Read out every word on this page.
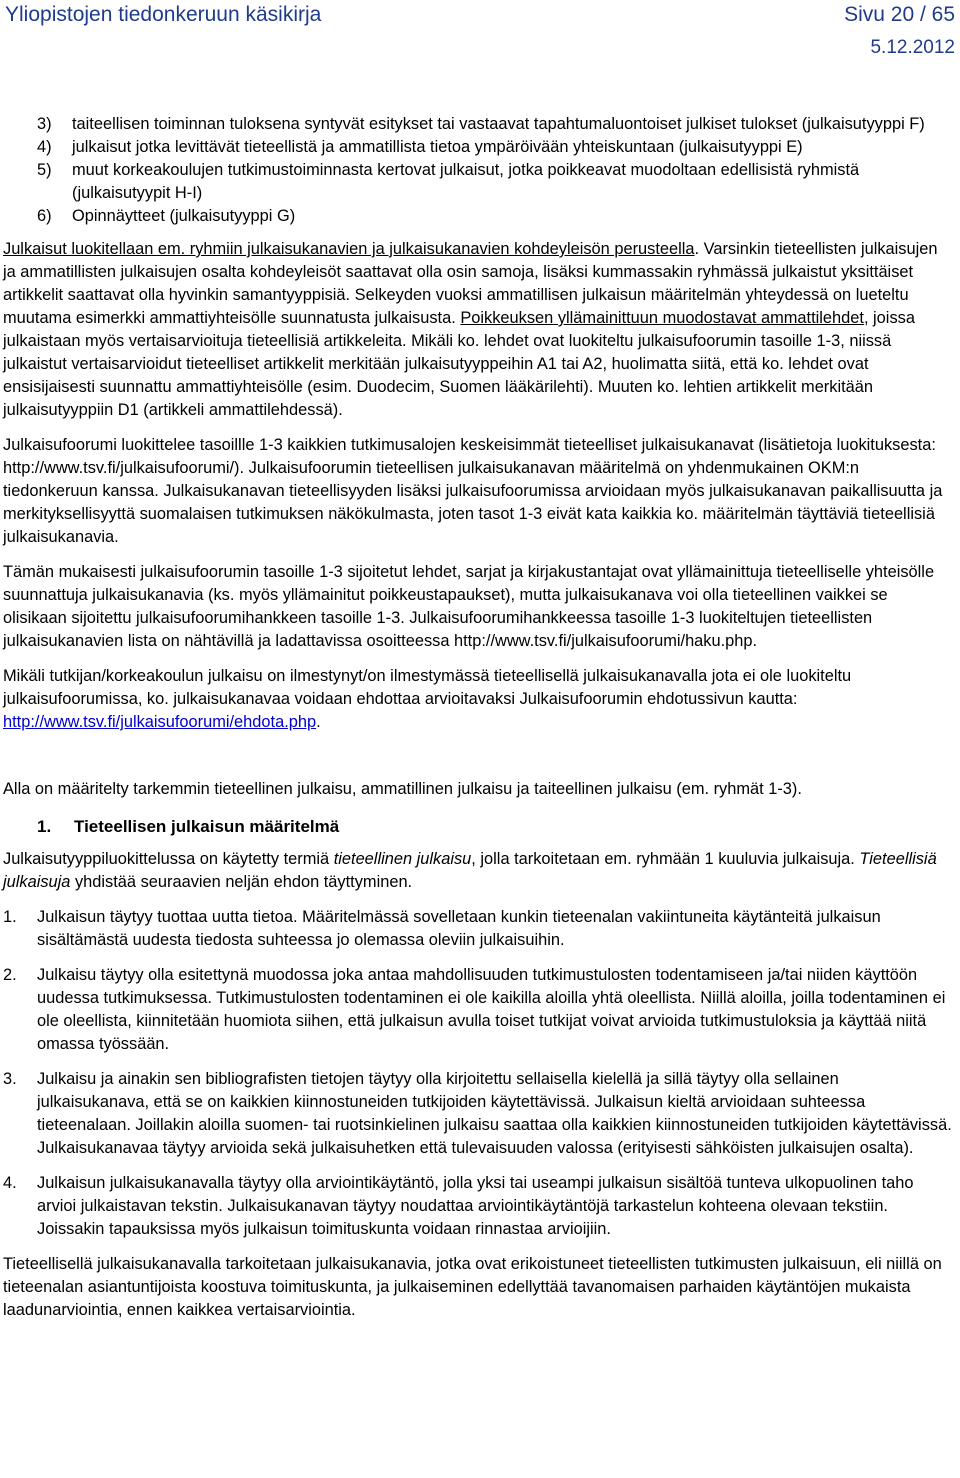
Yliopistojen tiedonkeruun käsikirja	Sivu 20 / 65
5.12.2012
3)	taiteellisen toiminnan tuloksena syntyvät esitykset tai vastaavat tapahtumaluontoiset julkiset tulokset (julkaisutyyppi F)
4)	julkaisut jotka levittävät tieteellistä ja ammatillista tietoa ympäröivään yhteiskuntaan (julkaisutyyppi E)
5)	muut korkeakoulujen tutkimustoiminnasta kertovat julkaisut, jotka poikkeavat muodoltaan edellisistä ryhmistä (julkaisutyypit H-I)
6)	Opinnäytteet (julkaisutyyppi G)

Julkaisut luokitellaan em. ryhmiin julkaisukanavien ja julkaisukanavien kohdeyleisön perusteella. Varsinkin tieteellisten julkaisujen ja ammatillisten julkaisujen osalta kohdeyleisöt saattavat olla osin samoja, lisäksi kummassakin ryhmässä julkaistut yksittäiset artikkelit saattavat olla hyvinkin samantyyppisiä. Selkeyden vuoksi ammatillisen julkaisun määritelmän yhteydessä on lueteltu muutama esimerkki ammattiyhteisölle suunnatusta julkaisusta. Poikkeuksen yllämainittuun muodostavat ammattilehdet, joissa julkaistaan myös vertaisarvioituja tieteellisiä artikkeleita. Mikäli ko. lehdet ovat luokiteltu julkaisufoorumin tasoille 1-3, niissä julkaistut vertaisarvioidut tieteelliset artikkelit merkitään julkaisutyyppeihin A1 tai A2, huolimatta siitä, että ko. lehdet ovat ensisijaisesti suunnattu ammattiyhteisölle (esim. Duodecim, Suomen lääkärilehti). Muuten ko. lehtien artikkelit merkitään julkaisutyyppiin D1 (artikkeli ammattilehdessä).

Julkaisufoorumi luokittelee tasoillle 1-3 kaikkien tutkimusalojen keskeisimmät tieteelliset julkaisukanavat (lisätietoja luokituksesta: http://www.tsv.fi/julkaisufoorumi/). Julkaisufoorumin tieteellisen julkaisukanavan määritelmä on yhdenmukainen OKM:n tiedonkeruun kanssa. Julkaisukanavan tieteellisyyden lisäksi julkaisufoorumissa arvioidaan myös julkaisukanavan paikallisuutta ja merkityksellisyyttä suomalaisen tutkimuksen näkökulmasta, joten tasot 1-3 eivät kata kaikkia ko. määritelmän täyttäviä tieteellisiä julkaisukanavia.

Tämän mukaisesti julkaisufoorumin tasoille 1-3 sijoitetut lehdet, sarjat ja kirjakustantajat ovat yllämainittuja tieteelliselle yhteisölle suunnattuja julkaisukanavia (ks. myös yllämainitut poikkeustapaukset), mutta julkaisukanava voi olla tieteellinen vaikkei se olisikaan sijoitettu julkaisufoorumihankkeen tasoille 1-3. Julkaisufoorumihankkeessa tasoille 1-3 luokiteltujen tieteellisten julkaisukanavien lista on nähtävillä ja ladattavissa osoitteessa http://www.tsv.fi/julkaisufoorumi/haku.php.

Mikäli tutkijan/korkeakoulun julkaisu on ilmestynyt/on ilmestymässä tieteellisellä julkaisukanavalla jota ei ole luokiteltu julkaisufoorumissa, ko. julkaisukanavaa voidaan ehdottaa arvioitavaksi Julkaisufoorumin ehdotussivun kautta: http://www.tsv.fi/julkaisufoorumi/ehdota.php.

Alla on määritelty tarkemmin tieteellinen julkaisu, ammatillinen julkaisu ja taiteellinen julkaisu (em. ryhmät 1-3).

1.	Tieteellisen julkaisun määritelmä

Julkaisutyyppiluokittelussa on käytetty termiä tieteellinen julkaisu, jolla tarkoitetaan em. ryhmään 1 kuuluvia julkaisuja. Tieteellisiä julkaisuja yhdistää seuraavien neljän ehdon täyttyminen.

1.	Julkaisun täytyy tuottaa uutta tietoa. Määritelmässä sovelletaan kunkin tieteenalan vakiintuneita käytänteitä julkaisun sisältämästä uudesta tiedosta suhteessa jo olemassa oleviin julkaisuihin.
2.	Julkaisu täytyy olla esitettynä muodossa joka antaa mahdollisuuden tutkimustulosten todentamiseen ja/tai niiden käyttöön uudessa tutkimuksessa. Tutkimustulosten todentaminen ei ole kaikilla aloilla yhtä oleellista. Niillä aloilla, joilla todentaminen ei ole oleellista, kiinnitetään huomiota siihen, että julkaisun avulla toiset tutkijat voivat arvioida tutkimustuloksia ja käyttää niitä omassa työssään.
3.	Julkaisu ja ainakin sen bibliografisten tietojen täytyy olla kirjoitettu sellaisella kielellä ja sillä täytyy olla sellainen julkaisukanava, että se on kaikkien kiinnostuneiden tutkijoiden käytettävissä. Julkaisun kieltä arvioidaan suhteessa tieteenalaan. Joillakin aloilla suomen- tai ruotsinkielinen julkaisu saattaa olla kaikkien kiinnostuneiden tutkijoiden käytettävissä. Julkaisukanavaa täytyy arvioida sekä julkaisuhetken että tulevaisuuden valossa (erityisesti sähköisten julkaisujen osalta).
4.	Julkaisun julkaisukanavalla täytyy olla arviointikäytäntö, jolla yksi tai useampi julkaisun sisältöä tunteva ulkopuolinen taho arvioi julkaistavan tekstin. Julkaisukanavan täytyy noudattaa arviointikäytäntöjä tarkastelun kohteena olevaan tekstiin. Joissakin tapauksissa myös julkaisun toimituskunta voidaan rinnastaa arvioijiin.

Tieteellisellä julkaisukanavalla tarkoitetaan julkaisukanavia, jotka ovat erikoistuneet tieteellisten tutkimusten julkaisuun, eli niillä on tieteenalan asiantuntijoista koostuva toimituskunta, ja julkaiseminen edellyttää tavanomaisen parhaiden käytäntöjen mukaista laadunarviointia, ennen kaikkea vertaisarviointia.
